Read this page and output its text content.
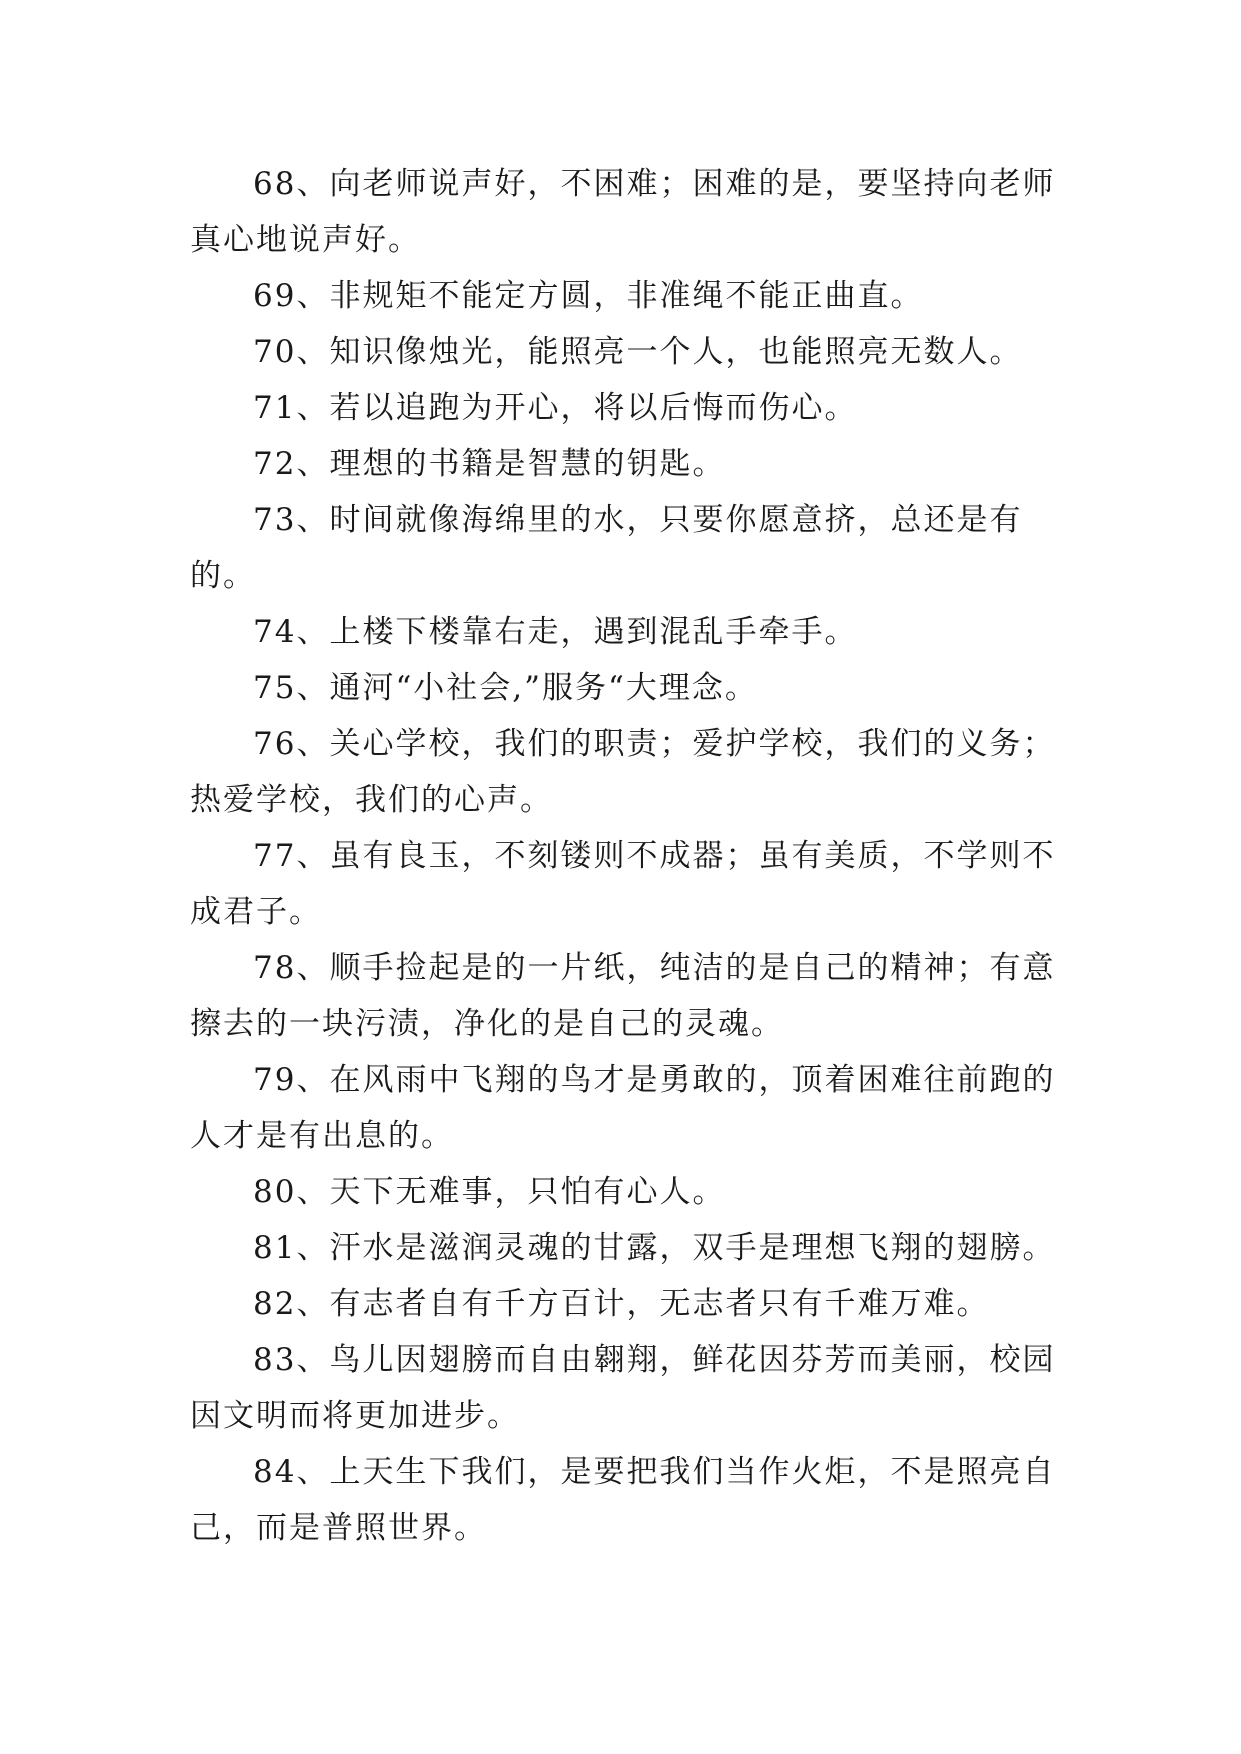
68、向老师说声好，不困难；困难的是，要坚持向老师真心地说声好。

69、非规矩不能定方圆，非准绳不能正曲直。

70、知识像烛光，能照亮一个人，也能照亮无数人。

71、若以追跑为开心，将以后悔而伤心。

72、理想的书籍是智慧的钥匙。

73、时间就像海绵里的水，只要你愿意挤，总还是有的。

74、上楼下楼靠右走，遇到混乱手牵手。

75、通河“小社会,”服务“大理念。

76、关心学校，我们的职责；爱护学校，我们的义务；热爱学校，我们的心声。

77、虽有良玉，不刻镂则不成器；虽有美质，不学则不成君子。

78、顺手捡起是的一片纸，纯洁的是自己的精神；有意擦去的一块污渍，净化的是自己的灵魂。

79、在风雨中飞翔的鸟才是勇敢的，顶着困难往前跑的人才是有出息的。

80、天下无难事，只怕有心人。

81、汗水是滋润灵魂的甘露，双手是理想飞翔的翅膀。

82、有志者自有千方百计，无志者只有千难万难。

83、鸟儿因翅膀而自由翱翔，鲜花因芬芳而美丽，校园因文明而将更加进步。

84、上天生下我们，是要把我们当作火炬，不是照亮自己，而是普照世界。
